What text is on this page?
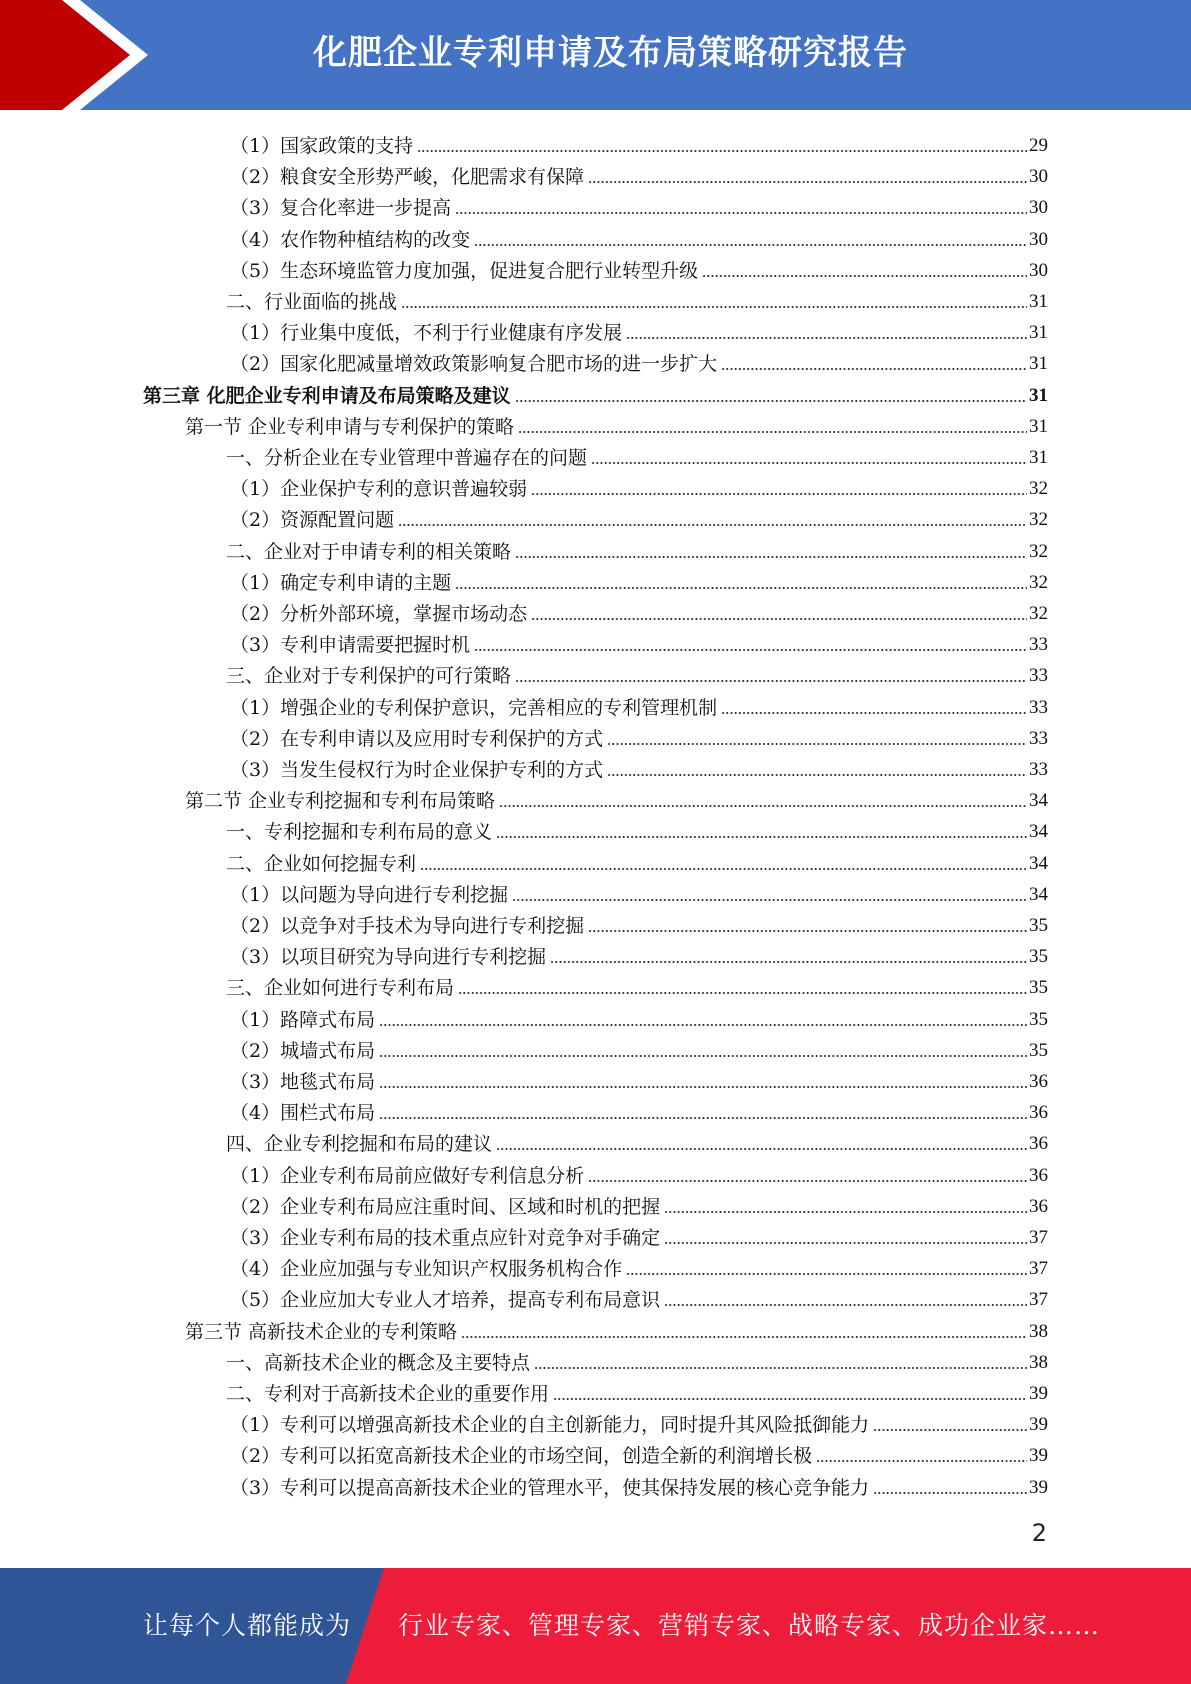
化肥企业专利申请及布局策略研究报告
（1）国家政策的支持	29
（2）粮食安全形势严峻，化肥需求有保障	30
（3）复合化率进一步提高	30
（4）农作物种植结构的改变	30
（5）生态环境监管力度加强，促进复合肥行业转型升级	30
二、行业面临的挑战	31
（1）行业集中度低，不利于行业健康有序发展	31
（2）国家化肥减量增效政策影响复合肥市场的进一步扩大	31
第三章 化肥企业专利申请及布局策略及建议	31
第一节 企业专利申请与专利保护的策略	31
一、分析企业在专业管理中普遍存在的问题	31
（1）企业保护专利的意识普遍较弱	32
（2）资源配置问题	32
二、企业对于申请专利的相关策略	32
（1）确定专利申请的主题	32
（2）分析外部环境，掌握市场动态	32
（3）专利申请需要把握时机	33
三、企业对于专利保护的可行策略	33
（1）增强企业的专利保护意识，完善相应的专利管理机制	33
（2）在专利申请以及应用时专利保护的方式	33
（3）当发生侵权行为时企业保护专利的方式	33
第二节 企业专利挖掘和专利布局策略	34
一、专利挖掘和专利布局的意义	34
二、企业如何挖掘专利	34
（1）以问题为导向进行专利挖掘	34
（2）以竞争对手技术为导向进行专利挖掘	35
（3）以项目研究为导向进行专利挖掘	35
三、企业如何进行专利布局	35
（1）路障式布局	35
（2）城墙式布局	35
（3）地毯式布局	36
（4）围栏式布局	36
四、企业专利挖掘和布局的建议	36
（1）企业专利布局前应做好专利信息分析	36
（2）企业专利布局应注重时间、区域和时机的把握	36
（3）企业专利布局的技术重点应针对竞争对手确定	37
（4）企业应加强与专业知识产权服务机构合作	37
（5）企业应加大专业人才培养，提高专利布局意识	37
第三节 高新技术企业的专利策略	38
一、高新技术企业的概念及主要特点	38
二、专利对于高新技术企业的重要作用	39
（1）专利可以增强高新技术企业的自主创新能力，同时提升其风险抵御能力	39
（2）专利可以拓宽高新技术企业的市场空间，创造全新的利润增长极	39
（3）专利可以提高高新技术企业的管理水平，使其保持发展的核心竞争能力	39
2
让每个人都能成为 行业专家、管理专家、营销专家、战略专家、成功企业家……
